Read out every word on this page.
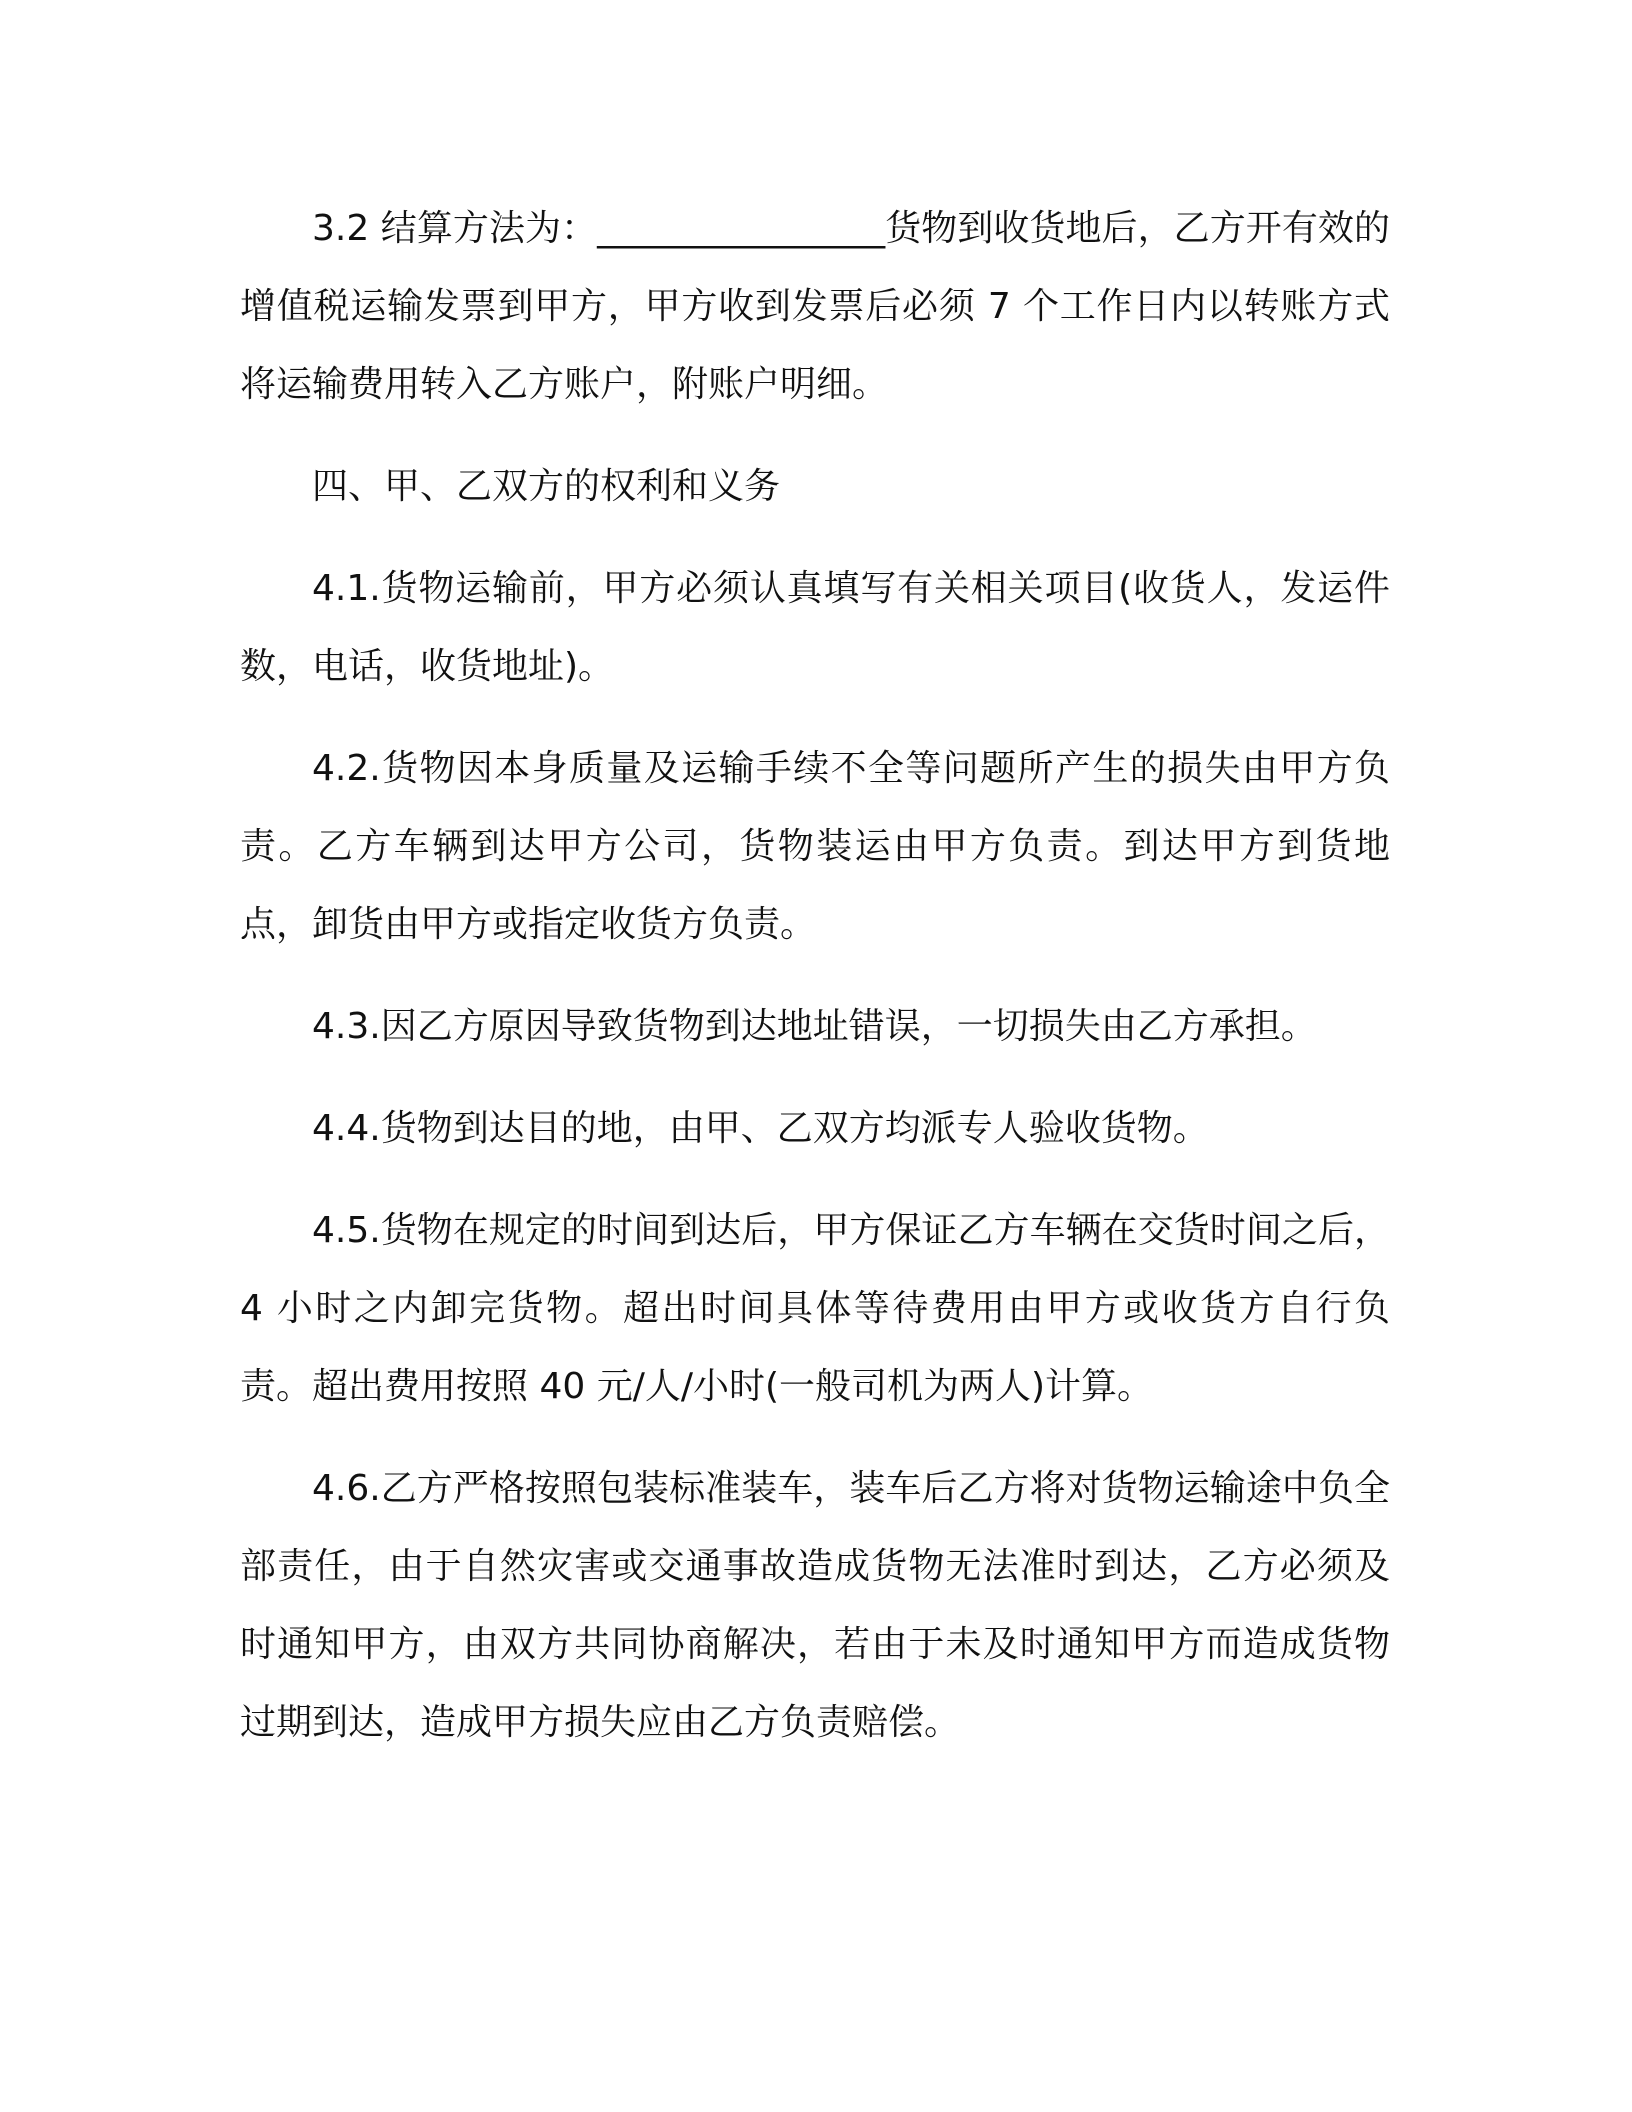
3.2 结算方法为：________________货物到收货地后，乙方开有效的增值税运输发票到甲方，甲方收到发票后必须 7 个工作日内以转账方式将运输费用转入乙方账户，附账户明细。

四、甲、乙双方的权利和义务

4.1.货物运输前，甲方必须认真填写有关相关项目(收货人，发运件数，电话，收货地址)。

4.2.货物因本身质量及运输手续不全等问题所产生的损失由甲方负责。乙方车辆到达甲方公司，货物装运由甲方负责。到达甲方到货地点，卸货由甲方或指定收货方负责。

4.3.因乙方原因导致货物到达地址错误，一切损失由乙方承担。

4.4.货物到达目的地，由甲、乙双方均派专人验收货物。

4.5.货物在规定的时间到达后，甲方保证乙方车辆在交货时间之后，4 小时之内卸完货物。超出时间具体等待费用由甲方或收货方自行负责。超出费用按照 40 元/人/小时(一般司机为两人)计算。

4.6.乙方严格按照包装标准装车，装车后乙方将对货物运输途中负全部责任，由于自然灾害或交通事故造成货物无法准时到达，乙方必须及时通知甲方，由双方共同协商解决，若由于未及时通知甲方而造成货物过期到达，造成甲方损失应由乙方负责赔偿。
